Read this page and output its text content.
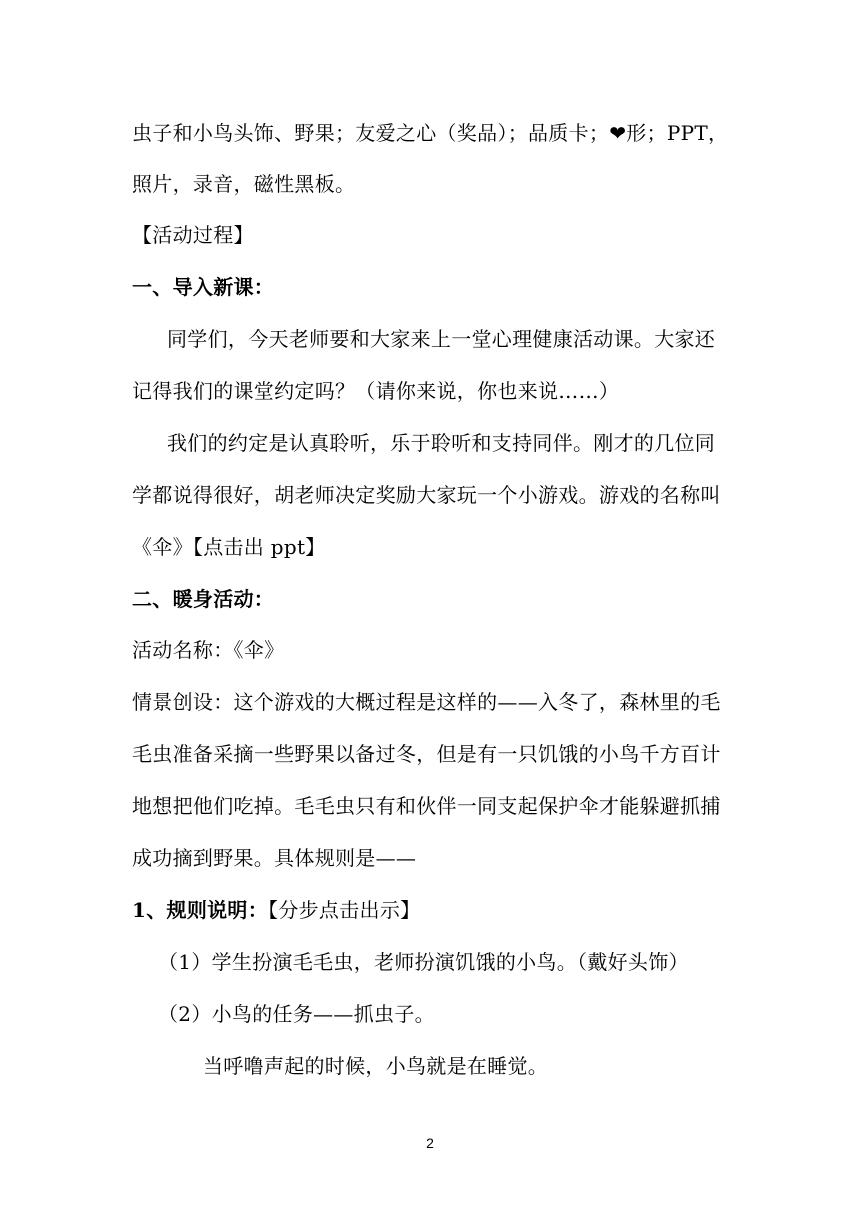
虫子和小鸟头饰、野果；友爱之心（奖品）；品质卡；❤形；PPT，
照片，录音，磁性黑板。
【活动过程】
一、导入新课：
同学们，今天老师要和大家来上一堂心理健康活动课。大家还
记得我们的课堂约定吗？（请你来说，你也来说……）
我们的约定是认真聆听，乐于聆听和支持同伴。刚才的几位同
学都说得很好，胡老师决定奖励大家玩一个小游戏。游戏的名称叫
《伞》【点击出 ppt】
二、暖身活动：
活动名称：《伞》
情景创设：这个游戏的大概过程是这样的——入冬了，森林里的毛
毛虫准备采摘一些野果以备过冬，但是有一只饥饿的小鸟千方百计
地想把他们吃掉。毛毛虫只有和伙伴一同支起保护伞才能躲避抓捕
成功摘到野果。具体规则是——
1、规则说明：【分步点击出示】
（1）学生扮演毛毛虫，老师扮演饥饿的小鸟。（戴好头饰）
（2）小鸟的任务——抓虫子。
当呼噜声起的时候，小鸟就是在睡觉。
2
